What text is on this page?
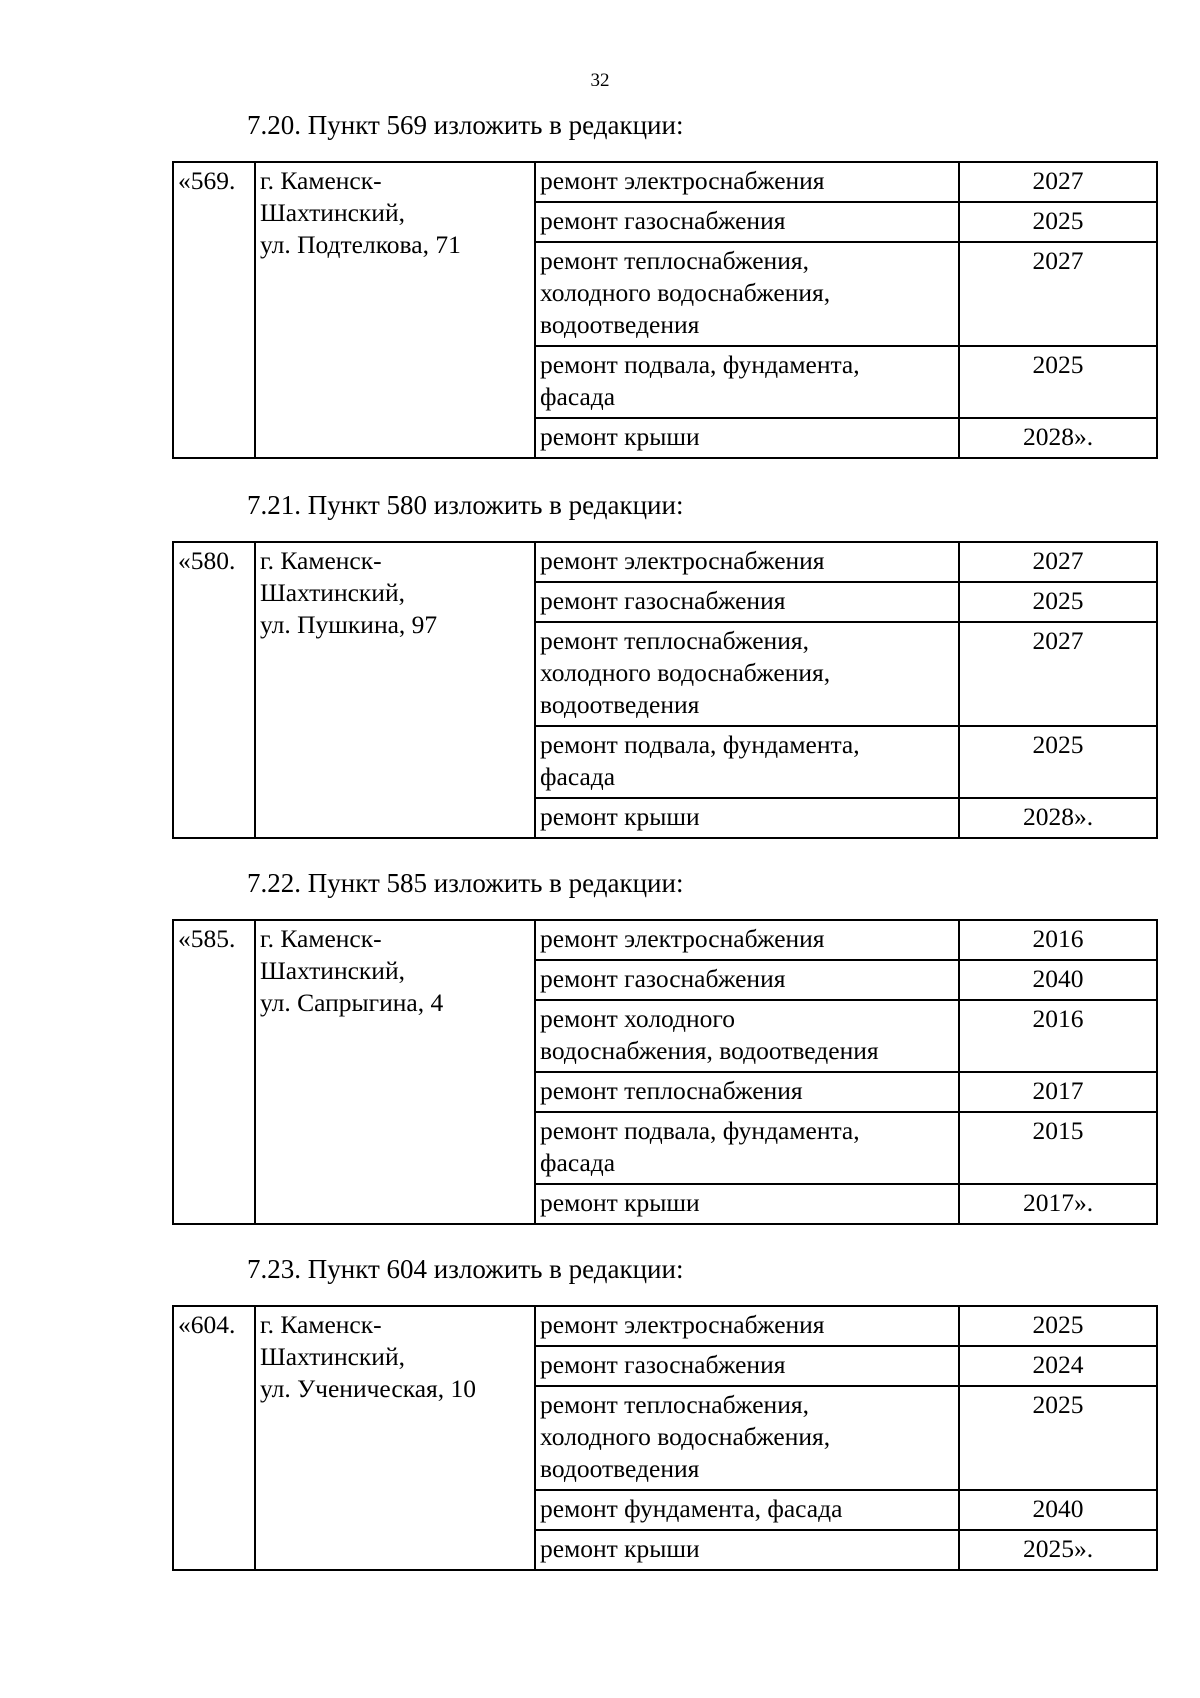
32

7.20. Пункт 569 изложить в редакции:

«569.	г. Каменск-
Шахтинский,
ул. Подтелкова, 71	ремонт электроснабжения	2027

		ремонт газоснабжения	2025

		ремонт теплоснабжения,
холодного водоснабжения,
водоотведения	2027

		ремонт подвала, фундамента,
фасада	2025

		ремонт крыши	2028».

7.21. Пункт 580 изложить в редакции:

«580.	г. Каменск-
Шахтинский,
ул. Пушкина, 97	ремонт электроснабжения	2027

		ремонт газоснабжения	2025

		ремонт теплоснабжения,
холодного водоснабжения,
водоотведения	2027

		ремонт подвала, фундамента,
фасада	2025

		ремонт крыши	2028».

7.22. Пункт 585 изложить в редакции:

«585.	г. Каменск-
Шахтинский,
ул. Сапрыгина, 4	ремонт электроснабжения	2016

		ремонт газоснабжения	2040

		ремонт холодного
водоснабжения, водоотведения	2016

		ремонт теплоснабжения	2017

		ремонт подвала, фундамента,
фасада	2015

		ремонт крыши	2017».

7.23. Пункт 604 изложить в редакции:

«604.	г. Каменск-
Шахтинский,
ул. Ученическая, 10	ремонт электроснабжения	2025

		ремонт газоснабжения	2024

		ремонт теплоснабжения,
холодного водоснабжения,
водоотведения	2025

		ремонт фундамента, фасада	2040

		ремонт крыши	2025».
